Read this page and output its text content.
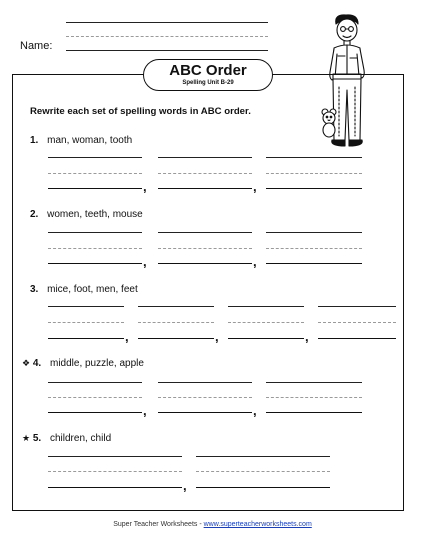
Name:
ABC Order
Spelling Unit B-29
Rewrite each set of spelling words in ABC order.
1. man, woman, tooth
,	,
2. women, teeth, mouse
,	,
3. mice, foot, men, feet
,	,	,
❖ 4. middle, puzzle, apple
,	,
★ 5. children, child
,
Super Teacher Worksheets - www.superteacherworksheets.com
